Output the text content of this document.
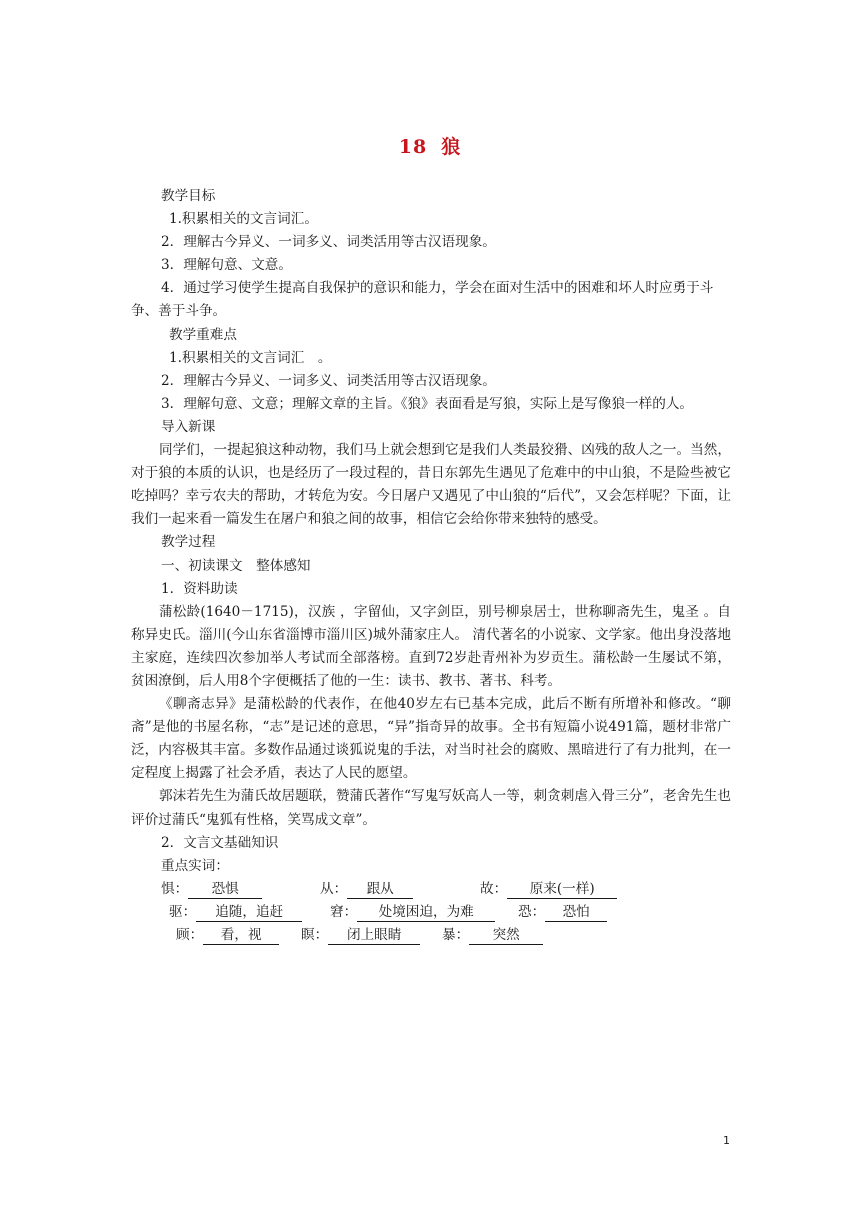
18 狼

教学目标

1.积累相关的文言词汇。

2．理解古今异义、一词多义、词类活用等古汉语现象。

3．理解句意、文意。

4．通过学习使学生提高自我保护的意识和能力，学会在面对生活中的困难和坏人时应勇于斗争、善于斗争。

教学重难点

1.积累相关的文言词汇　。

2．理解古今异义、一词多义、词类活用等古汉语现象。

3．理解句意、文意；理解文章的主旨。《狼》表面看是写狼，实际上是写像狼一样的人。

导入新课

同学们，一提起狼这种动物，我们马上就会想到它是我们人类最狡猾、凶残的敌人之一。当然，对于狼的本质的认识，也是经历了一段过程的，昔日东郭先生遇见了危难中的中山狼，不是险些被它吃掉吗？幸亏农夫的帮助，才转危为安。今日屠户又遇见了中山狼的“后代”，又会怎样呢？下面，让我们一起来看一篇发生在屠户和狼之间的故事，相信它会给你带来独特的感受。

教学过程

一、初读课文　整体感知

1．资料助读

蒲松龄(1640－1715)，汉族 ，字留仙，又字剑臣，别号柳泉居士，世称聊斋先生，鬼圣 。自称异史氏。淄川(今山东省淄博市淄川区)城外蒲家庄人。 清代著名的小说家、文学家。他出身没落地主家庭，连续四次参加举人考试而全部落榜。直到72岁赴青州补为岁贡生。蒲松龄一生屡试不第，贫困潦倒，后人用8个字便概括了他的一生：读书、教书、著书、科考。

《聊斋志异》是蒲松龄的代表作，在他40岁左右已基本完成，此后不断有所增补和修改。“聊斋”是他的书屋名称，“志”是记述的意思，“异”指奇异的故事。全书有短篇小说491篇，题材非常广泛，内容极其丰富。多数作品通过谈狐说鬼的手法，对当时社会的腐败、黑暗进行了有力批判，在一定程度上揭露了社会矛盾，表达了人民的愿望。

郭沫若先生为蒲氏故居题联，赞蒲氏著作“写鬼写妖高人一等，刺贪刺虐入骨三分”，老舍先生也评价过蒲氏“鬼狐有性格，笑骂成文章”。

2．文言文基础知识

重点实词：

惧： 恐惧	从： 跟从	故： 原来(一样)
驱： 追随，追赶	窘： 处境困迫，为难	恐： 恐怕
顾： 看，视	瞑： 闭上眼睛	暴： 突然
1
